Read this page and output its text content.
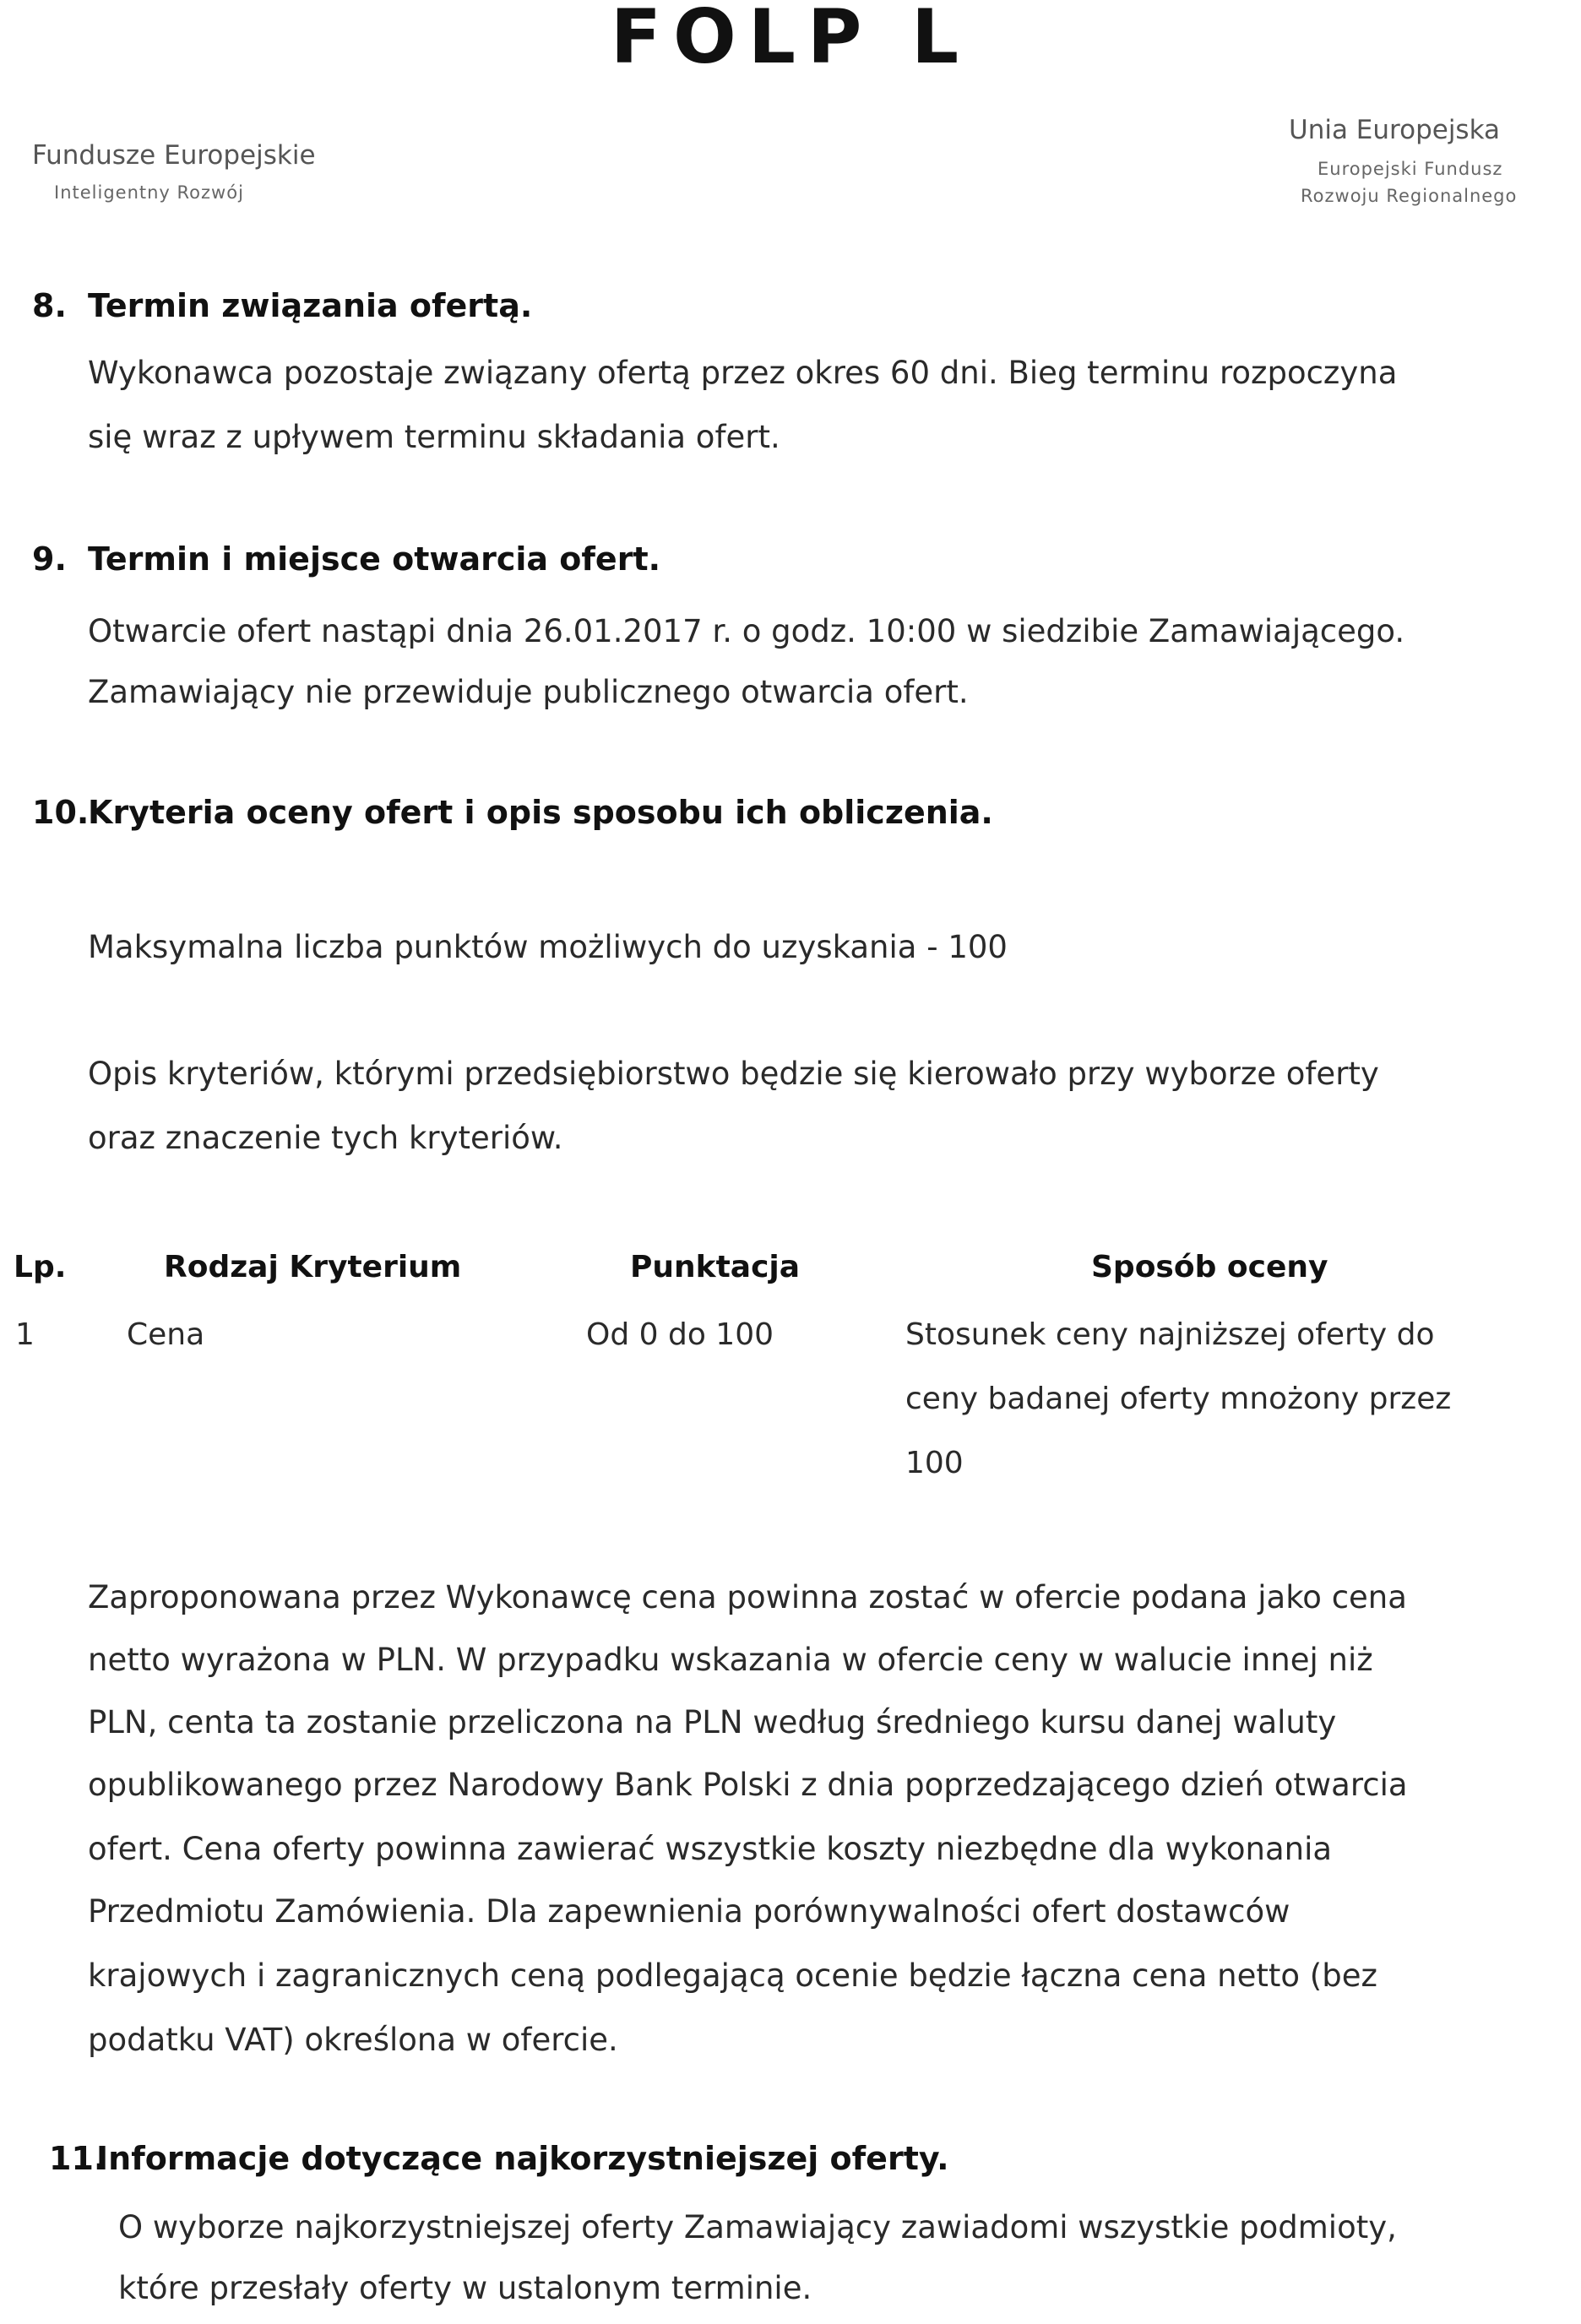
FOLP L
Fundusze Europejskie
Inteligentny Rozwój
Unia Europejska
Europejski Fundusz
Rozwoju Regionalnego
8. Termin związania ofertą.
Wykonawca pozostaje związany ofertą przez okres 60 dni. Bieg terminu rozpoczyna
się wraz z upływem terminu składania ofert.
9. Termin i miejsce otwarcia ofert.
Otwarcie ofert nastąpi dnia 26.01.2017 r. o godz. 10:00 w siedzibie Zamawiającego.
Zamawiający nie przewiduje publicznego otwarcia ofert.
10.
Kryteria oceny ofert i opis sposobu ich obliczenia.
Maksymalna liczba punktów możliwych do uzyskania - 100
Opis kryteriów, którymi przedsiębiorstwo będzie się kierowało przy wyborze oferty
oraz znaczenie tych kryteriów.
Lp.	Rodzaj Kryterium	Punktacja	Sposób oceny
1	Cena	Od 0 do 100	Stosunek ceny najniższej oferty do
ceny badanej oferty mnożony przez
100
Zaproponowana przez Wykonawcę cena powinna zostać w ofercie podana jako cena
netto wyrażona w PLN. W przypadku wskazania w ofercie ceny w walucie innej niż
PLN, centa ta zostanie przeliczona na PLN według średniego kursu danej waluty
opublikowanego przez Narodowy Bank Polski z dnia poprzedzającego dzień otwarcia
ofert. Cena oferty powinna zawierać wszystkie koszty niezbędne dla wykonania
Przedmiotu Zamówienia. Dla zapewnienia porównywalności ofert dostawców
krajowych i zagranicznych ceną podlegającą ocenie będzie łączna cena netto (bez
podatku VAT) określona w ofercie.
11.
Informacje dotyczące najkorzystniejszej oferty.
O wyborze najkorzystniejszej oferty Zamawiający zawiadomi wszystkie podmioty,
które przesłały oferty w ustalonym terminie.
